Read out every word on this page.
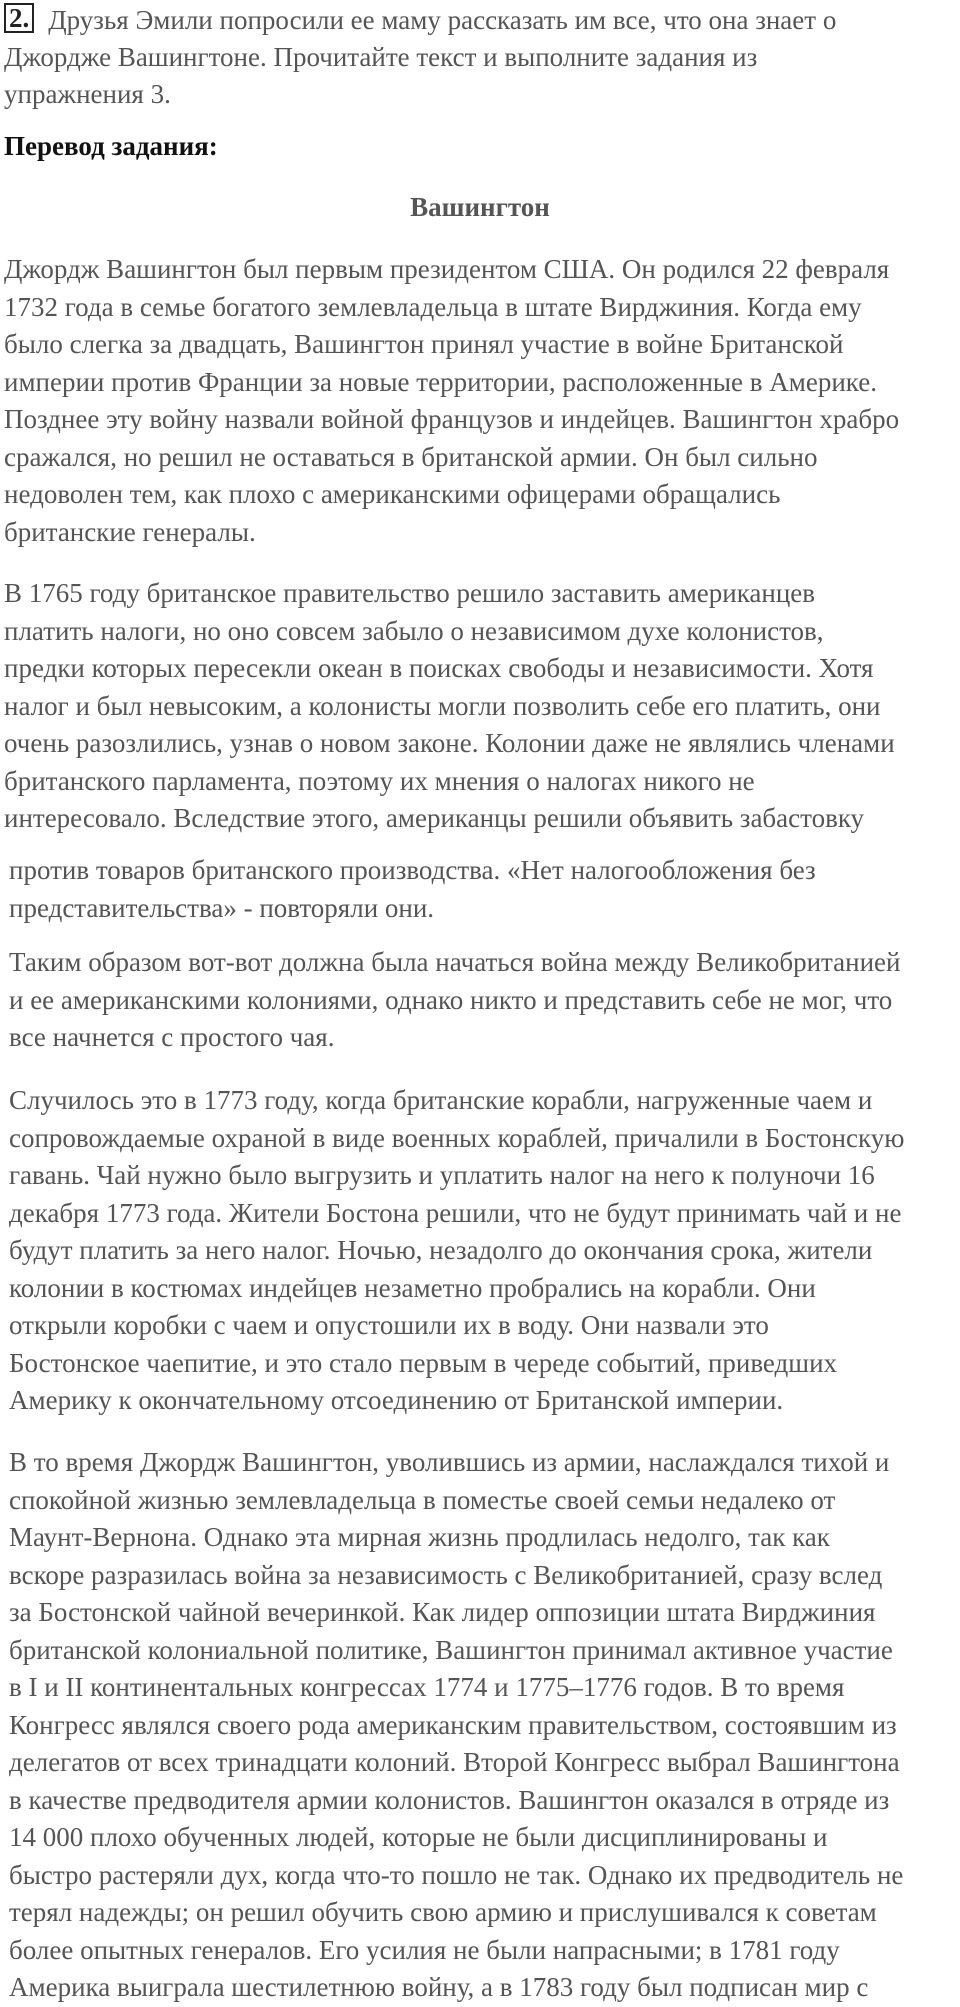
2. Друзья Эмили попросили ее маму рассказать им все, что она знает о
Джордже Вашингтоне. Прочитайте текст и выполните задания из
упражнения 3.
Перевод задания:
Вашингтон

Джордж Вашингтон был первым президентом США. Он родился 22 февраля
1732 года в семье богатого землевладельца в штате Вирджиния. Когда ему
было слегка за двадцать, Вашингтон принял участие в войне Британской
империи против Франции за новые территории, расположенные в Америке.
Позднее эту войну назвали войной французов и индейцев. Вашингтон храбро
сражался, но решил не оставаться в британской армии. Он был сильно
недоволен тем, как плохо с американскими офицерами обращались
британские генералы.

В 1765 году британское правительство решило заставить американцев
платить налоги, но оно совсем забыло о независимом духе колонистов,
предки которых пересекли океан в поисках свободы и независимости. Хотя
налог и был невысоким, а колонисты могли позволить себе его платить, они
очень разозлились, узнав о новом законе. Колонии даже не являлись членами
британского парламента, поэтому их мнения о налогах никого не
интересовало. Вследствие этого, американцы решили объявить забастовку

против товаров британского производства. «Нет налогообложения без
представительства» - повторяли они.

Таким образом вот-вот должна была начаться война между Великобританией
и ее американскими колониями, однако никто и представить себе не мог, что
все начнется с простого чая.

Случилось это в 1773 году, когда британские корабли, нагруженные чаем и
сопровождаемые охраной в виде военных кораблей, причалили в Бостонскую
гавань. Чай нужно было выгрузить и уплатить налог на него к полуночи 16
декабря 1773 года. Жители Бостона решили, что не будут принимать чай и не
будут платить за него налог. Ночью, незадолго до окончания срока, жители
колонии в костюмах индейцев незаметно пробрались на корабли. Они
открыли коробки с чаем и опустошили их в воду. Они назвали это
Бостонское чаепитие, и это стало первым в череде событий, приведших
Америку к окончательному отсоединению от Британской империи.

В то время Джордж Вашингтон, уволившись из армии, наслаждался тихой и
спокойной жизнью землевладельца в поместье своей семьи недалеко от
Маунт-Вернона. Однако эта мирная жизнь продлилась недолго, так как
вскоре разразилась война за независимость с Великобританией, сразу вслед
за Бостонской чайной вечеринкой. Как лидер оппозиции штата Вирджиния
британской колониальной политике, Вашингтон принимал активное участие
в I и II континентальных конгрессах 1774 и 1775–1776 годов. В то время
Конгресс являлся своего рода американским правительством, состоявшим из
делегатов от всех тринадцати колоний. Второй Конгресс выбрал Вашингтона
в качестве предводителя армии колонистов. Вашингтон оказался в отряде из
14 000 плохо обученных людей, которые не были дисциплинированы и
быстро растеряли дух, когда что-то пошло не так. Однако их предводитель не
терял надежды; он решил обучить свою армию и прислушивался к советам
более опытных генералов. Его усилия не были напрасными; в 1781 году
Америка выиграла шестилетнюю войну, а в 1783 году был подписан мир с
